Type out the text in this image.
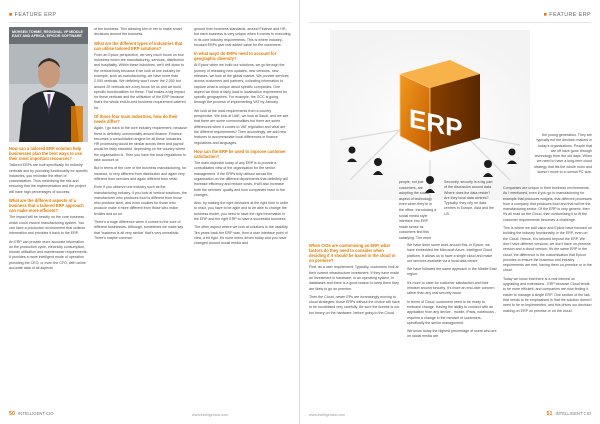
■ FEATURE ERP
MOHSEN TOHME, REGIONAL VP MIDDLE EAST AND AFRICA, EPICOR SOFTWARE

How can a tailored ERP solution help businesses plan the best ways to use their most important resources?

Tailored ERPs are built specifically for industry verticals and by providing functionality for specific industries, you minimise the effort of customisation. Thus minimising the risk and ensuring that the implementation and the project will have high percentages of success.

What are the different aspects of a business that a tailored ERP approach can make more efficient?

The impact will be heavily on the core business which could involve manufacturing system. You can have a production environment that collects information and provides it back to the ERP.

An ERP can provide more accurate information on the production cycle, electricity consumption, human utilisation and maintenance requirements. It provides a more intelligent mode of operation providing the CEO, or even the CFO, with online accurate data of all aspects

of the business. This allowing him or her to make smart decisions around the business.

What are the different types of industries that can utilise tailored ERP solutions?

From an Epicor perspective, we very much focus on four industries which are manufacturing, services, distribution and hospitality. Within these industries, we'll drill down to the vertical body because if we look at one industry for example, such as manufacturing, we have more than 2,000 verticals. We definitely won't cover the 2,000 but around 20 verticals are a key focus for us and we build specific functionalities for these. That makes a big impact for these verticals and the utilisation of the ERP because that's the whole end-to-end business requirement catered for.

Of those four main industries, how do their needs differ?

Again, I go back to the core industry requirement, because there is definitely commonality around finance. Finance becomes a consolidation engine for all these industries. HR processing would be similar across them and payroll would be fairly standard, depending on the country where the organisation is. Then you have the local regulations to take account of.

But in terms of the core of the business manufacturing, for instance, is very different from distribution and again very different from services and again different from retail.

Even if you observe one industry such as the manufacturing industry, if you look at vertical solutions, the manufacturer who produces food is different from those who produce steel, and even cookies for those who produce make it more different from those who make textiles and so on.

There's a huge difference when it comes to the core of different businesses. Although, sometimes we make say that 'business is all very similar' that's very unrealistic. There's maybe common

ground from business standards, around Finance and HR, but each business is very unique when it comes to executing in its core industry requirements. This is where industry-focused ERPs give real added value for the customers.

In what ways do ERPs need to account for geographic diversity?

At Epicor when we build our solutions, we go through the journey of releasing new updates, new versions, new releases, we look at the global market. We provide services across customers and partners, collecting information to capture what is unique about specific companies. One aspect we think is fairly local is localisation requirement for specific geographies. For example, the GCC is going through the process of implementing VAT by January.

We look at the local requirements from a country perspective. We look at UAE, we look at Saudi, and we see that there are some commonalities but there are some differences when it comes to VAT regulation and what are the different requirements? Then accordingly, we add new features to accommodate local differences in finance regulations and languages.

How can the ERP be used to improve customer satisfaction?

The main objective today of any ERP is to provide a consolidated view of the organisation for the senior management. If the ERPs fully utilised across the organisation on the different departments that definitely will increase efficiency and reduce costs, it will also increase both the services' quality and how companies react to the changes.

Also, by making the right decisions at the right time in order to react, you have to be agile and to be able to change the business model, you need to have the right information in the ERP and the right ERP to have a successful business.

The other aspect where we look at solutions is the usability. Ten years back the ERP was, from a user interface point of view, a bit rigid. It's more menu driven today and you have changed around social media and

50 INTELLIGENT CIO	www.intelligentcio.com
■ FEATURE ERP
ERP
people, not just customers, are adopting the social aspect of technology even when they're in the office. Introducing a social media style interface into ERP made sense as customers find this satisfying. The more

When CIOs are customising an ERP, what factors do they need to consider when deciding if it should be based in the cloud or on premise?

First, as a user requirement. Typically, customers look at their current infrastructure investment. If they have made an investment in hardware, in an operating system, in databases and there is a good reason to keep them they are likely to go on premise.

Then the Cloud, newer EPs are increasingly moving to cloud strategies; those ERPs without the choice will have to be scrutinised very carefully. Be sure the license is not too heavy on the hardware, before going to the Cloud.

Secondly, security is a big part of the discussion around data. Where does the data reside? Are they local data centres? Typically, they rely on data centres in Europe, Asia and the US.

We have done some work around this. In Epicor, we have embedded the Microsoft Azure, Intelligent Cloud platform. It allows us to have a single cloud and make our services available via a local data centre.

We have followed the same approach in the Middle East region.

It's more to cater for customer satisfaction and their mindset around security. It's more an end-user concern rather than any real security issue.

In terms of Cloud, customers need to be ready to embrace change. Having the ability to connect with an application from any device - mobile, iPads, notebooks - requires a change in the mindset of customers, specifically the senior management.

We know today the highest percentage of users who are on social media are

the young generation. They are typically not the decision makers in today's organisations. People that are off have gone through technology from the old days. When we need to have a long-term cloud strategy that fits the whole room and doesn't move to a normal PC size.

Companies are unique in their business environments. As I mentioned, even if you go to manufacturing for example that produces widgets, that different processes from a company that produces food and that will be the manufacturing sector. Of the ERP is very generic, then it's all read on the Cloud, then customising it to fit the customer requirements becomes a challenge.

This is where we add value and Epicor have focused on building the industry functionality in the ERP, even on the Cloud. Hence, it is tailored beyond the ERP. We don't have different versions; we don't have on-premise version and a cloud version. It's the same ERP in the cloud, the difference is the customisation that Epicor provides to ensure the business and industry requirements are met, having them on-premise or in the cloud.

Today we know that there is a real interest on upgrading and extensions - ERP because Cloud tends to be more efficient, and companies are now finding it easier to manage a single ERP. One section of the talk that needs to be emphasised is that the solution doesn't need to be re-implemented, and this drives our decision making on ERP on premise or on the cloud.

www.intelligentcio.com	51 INTELLIGENT CIO
